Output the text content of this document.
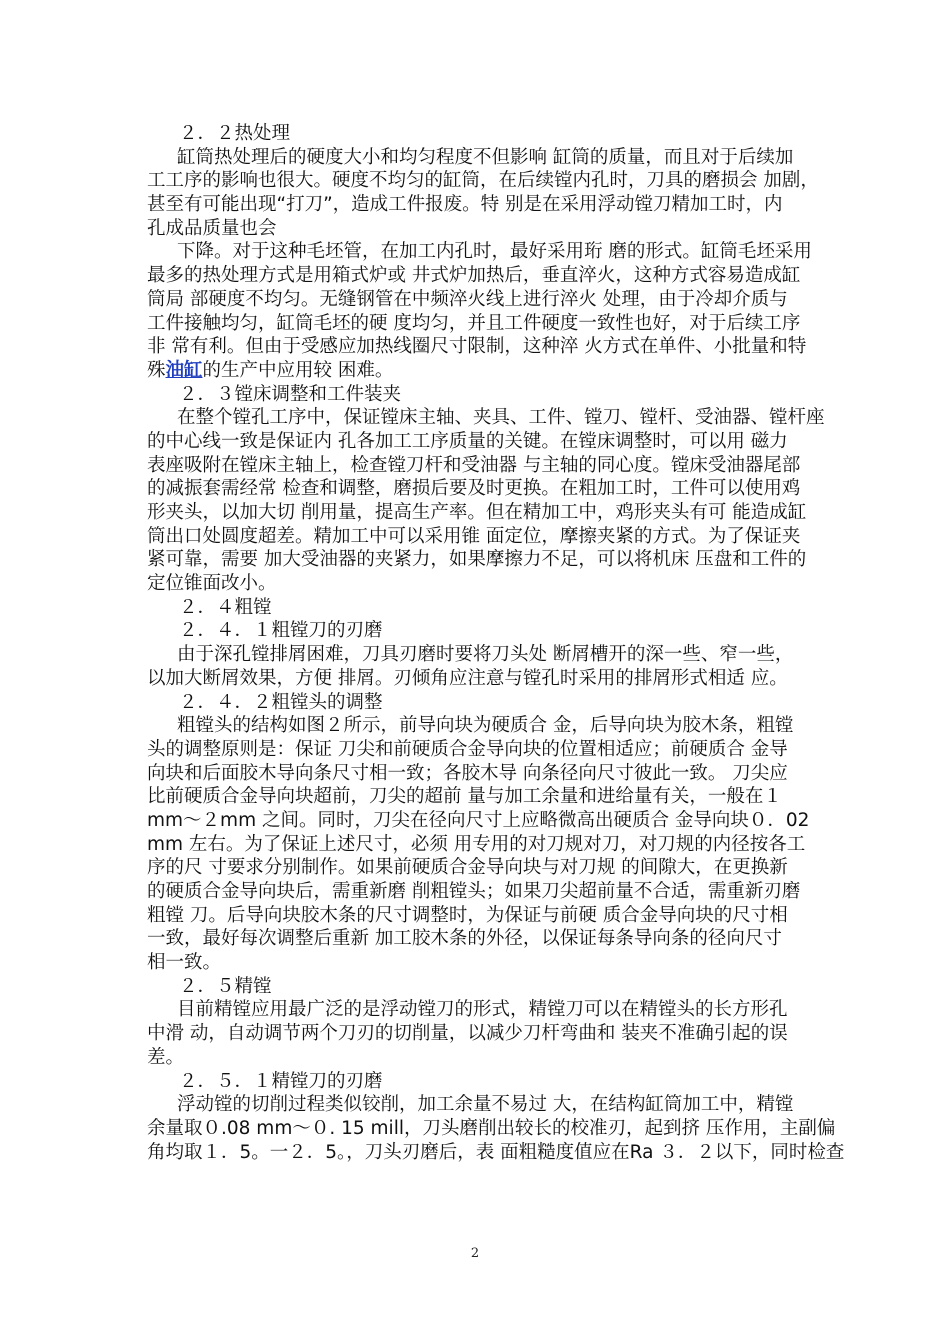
２．２热处理
缸筒热处理后的硬度大小和均匀程度不但影响 缸筒的质量，而且对于后续加
工工序的影响也很大。硬度不均匀的缸筒，在后续镗内孔时，刀具的磨损会 加剧，
甚至有可能出现“打刀”，造成工件报废。特 别是在采用浮动镗刀精加工时，内
孔成品质量也会
下降。对于这种毛坯管，在加工内孔时，最好采用珩 磨的形式。缸筒毛坯采用
最多的热处理方式是用箱式炉或 井式炉加热后，垂直淬火，这种方式容易造成缸
筒局 部硬度不均匀。无缝钢管在中频淬火线上进行淬火 处理，由于冷却介质与
工件接触均匀，缸筒毛坯的硬 度均匀，并且工件硬度一致性也好，对于后续工序
非 常有利。但由于受感应加热线圈尺寸限制，这种淬 火方式在单件、小批量和特
殊油缸的生产中应用较 困难。
２．３镗床调整和工件装夹
在整个镗孔工序中，保证镗床主轴、夹具、工件、镗刀、镗杆、受油器、镗杆座
的中心线一致是保证内 孔各加工工序质量的关键。在镗床调整时，可以用 磁力
表座吸附在镗床主轴上，检查镗刀杆和受油器 与主轴的同心度。镗床受油器尾部
的减振套需经常 检查和调整，磨损后要及时更换。在粗加工时，工件可以使用鸡
形夹头，以加大切 削用量，提高生产率。但在精加工中，鸡形夹头有可 能造成缸
筒出口处圆度超差。精加工中可以采用锥 面定位，摩擦夹紧的方式。为了保证夹
紧可靠，需要 加大受油器的夹紧力，如果摩擦力不足，可以将机床 压盘和工件的
定位锥面改小。
２．４粗镗
２．４．１粗镗刀的刃磨
由于深孔镗排屑困难，刀具刃磨时要将刀头处 断屑槽开的深一些、窄一些，
以加大断屑效果，方便 排屑。刃倾角应注意与镗孔时采用的排屑形式相适 应。
２．４．２粗镗头的调整
粗镗头的结构如图２所示，前导向块为硬质合 金，后导向块为胶木条，粗镗
头的调整原则是：保证 刀尖和前硬质合金导向块的位置相适应；前硬质合 金导
向块和后面胶木导向条尺寸相一致；各胶木导 向条径向尺寸彼此一致。 刀尖应
比前硬质合金导向块超前，刀尖的超前 量与加工余量和进给量有关，一般在１
mm～２mm 之间。同时，刀尖在径向尺寸上应略微高出硬质合 金导向块０．02
mm 左右。为了保证上述尺寸，必须 用专用的对刀规对刀，对刀规的内径按各工
序的尺 寸要求分别制作。如果前硬质合金导向块与对刀规 的间隙大，在更换新
的硬质合金导向块后，需重新磨 削粗镗头；如果刀尖超前量不合适，需重新刃磨
粗镗 刀。后导向块胶木条的尺寸调整时，为保证与前硬 质合金导向块的尺寸相
一致，最好每次调整后重新 加工胶木条的外径，以保证每条导向条的径向尺寸
相一致。
２．５精镗
目前精镗应用最广泛的是浮动镗刀的形式，精镗刀可以在精镗头的长方形孔
中滑 动，自动调节两个刀刃的切削量，以减少刀杆弯曲和 装夹不准确引起的误
差。
２．５．１精镗刀的刃磨
浮动镗的切削过程类似铰削，加工余量不易过 大，在结构缸筒加工中，精镗
余量取０.08 mm～０. 15 mill，刀头磨削出较长的校准刃，起到挤 压作用，主副偏
角均取１．5。一２．5。，刀头刃磨后，表 面粗糙度值应在Ra ３．２以下，同时检查
2
